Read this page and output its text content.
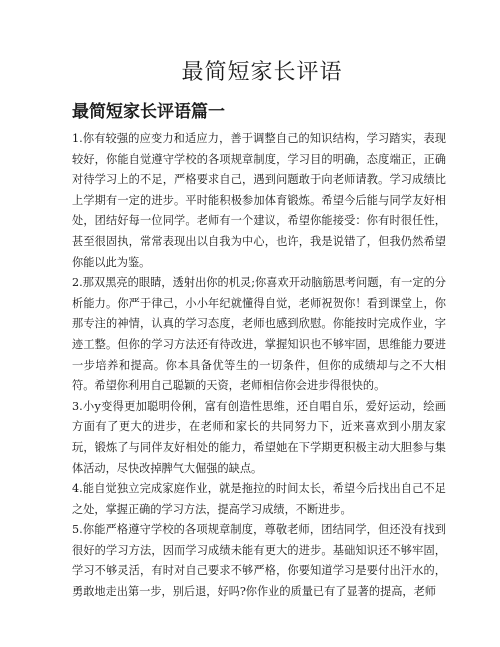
最简短家长评语
最简短家长评语篇一

1.你有较强的应变力和适应力，善于调整自己的知识结构，学习踏实，表现较好，你能自觉遵守学校的各项规章制度，学习目的明确，态度端正，正确对待学习上的不足，严格要求自己，遇到问题敢于向老师请教。学习成绩比上学期有一定的进步。平时能积极参加体育锻炼。希望今后能与同学友好相处，团结好每一位同学。老师有一个建议，希望你能接受：你有时很任性，甚至很固执，常常表现出以自我为中心，也许，我是说错了，但我仍然希望你能以此为鉴。

2.那双黑亮的眼睛，透射出你的机灵;你喜欢开动脑筋思考问题，有一定的分析能力。你严于律己，小小年纪就懂得自觉，老师祝贺你！看到课堂上，你那专注的神情，认真的学习态度，老师也感到欣慰。你能按时完成作业，字迹工整。但你的学习方法还有待改进，掌握知识也不够牢固，思维能力要进一步培养和提高。你本具备优等生的一切条件，但你的成绩却与之不大相符。希望你利用自己聪颖的天资，老师相信你会进步得很快的。

3.小y变得更加聪明伶俐，富有创造性思维，还自唱自乐，爱好运动，绘画方面有了更大的进步，在老师和家长的共同努力下，近来喜欢到小朋友家玩，锻炼了与同伴友好相处的能力，希望她在下学期更积极主动大胆参与集体活动，尽快改掉脾气大倔强的缺点。

4.能自觉独立完成家庭作业，就是拖拉的时间太长，希望今后找出自己不足之处，掌握正确的学习方法，提高学习成绩，不断进步。

5.你能严格遵守学校的各项规章制度，尊敬老师，团结同学，但还没有找到很好的学习方法，因而学习成绩未能有更大的进步。基础知识还不够牢固，学习不够灵活，有时对自己要求不够严格，你要知道学习是要付出汗水的，勇敢地走出第一步，别后退，好吗?你作业的质量已有了显著的提高，老师
